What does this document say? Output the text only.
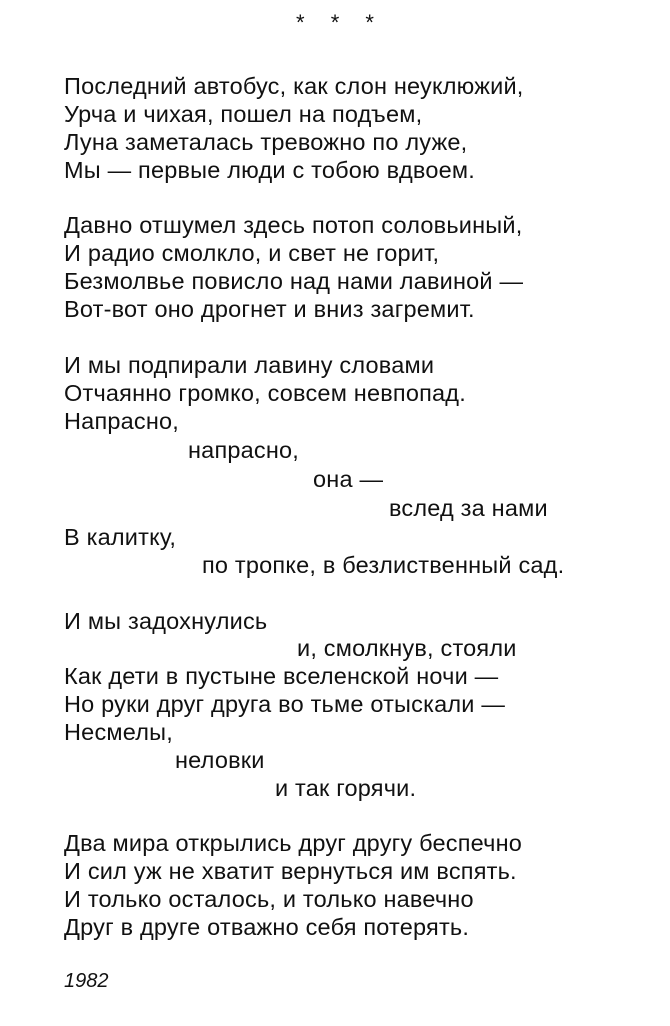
* * *
Последний автобус, как слон неуклюжий,
Урча и чихая, пошел на подъем,
Луна заметалась тревожно по луже,
Мы — первые люди с тобою вдвоем.
Давно отшумел здесь потоп соловьиный,
И радио смолкло, и свет не горит,
Безмолвье повисло над нами лавиной —
Вот-вот оно дрогнет и вниз загремит.
И мы подпирали лавину словами
Отчаянно громко, совсем невпопад.
Напрасно,
напрасно,
она —
вслед за нами
В калитку,
по тропке, в безлиственный сад.
И мы задохнулись
и, смолкнув, стояли
Как дети в пустыне вселенской ночи —
Но руки друг друга во тьме отыскали —
Несмелы,
неловки
и так горячи.
Два мира открылись друг другу беспечно
И сил уж не хватит вернуться им вспять.
И только осталось, и только навечно
Друг в друге отважно себя потерять.
1982
